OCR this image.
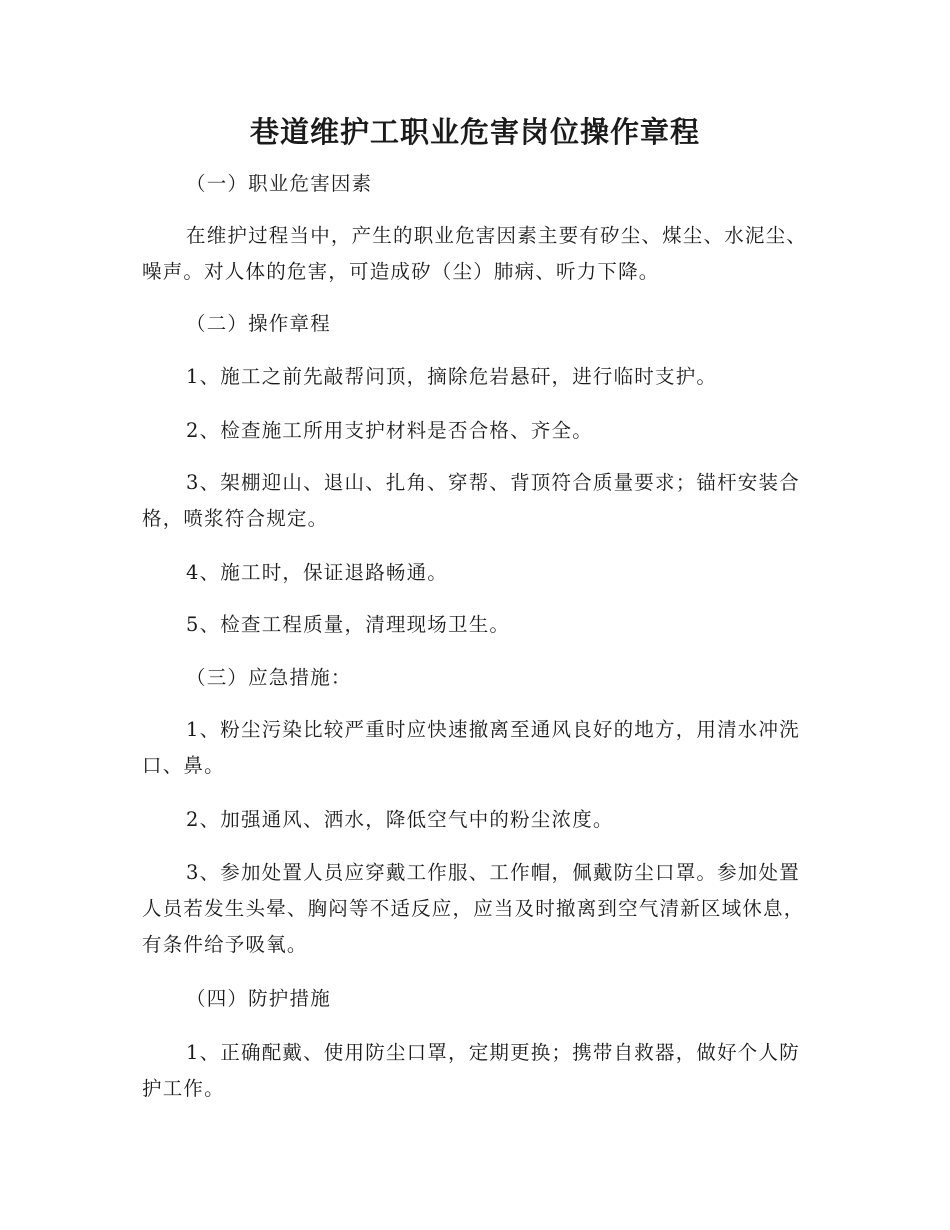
巷道维护工职业危害岗位操作章程

（一）职业危害因素

在维护过程当中，产生的职业危害因素主要有矽尘、煤尘、水泥尘、噪声。对人体的危害，可造成矽（尘）肺病、听力下降。

（二）操作章程

1、施工之前先敲帮问顶，摘除危岩悬矸，进行临时支护。

2、检查施工所用支护材料是否合格、齐全。

3、架棚迎山、退山、扎角、穿帮、背顶符合质量要求；锚杆安装合格，喷浆符合规定。

4、施工时，保证退路畅通。

5、检查工程质量，清理现场卫生。

（三）应急措施：

1、粉尘污染比较严重时应快速撤离至通风良好的地方，用清水冲洗口、鼻。

2、加强通风、洒水，降低空气中的粉尘浓度。

3、参加处置人员应穿戴工作服、工作帽，佩戴防尘口罩。参加处置人员若发生头晕、胸闷等不适反应，应当及时撤离到空气清新区域休息，有条件给予吸氧。

（四）防护措施

1、正确配戴、使用防尘口罩，定期更换；携带自救器，做好个人防护工作。
